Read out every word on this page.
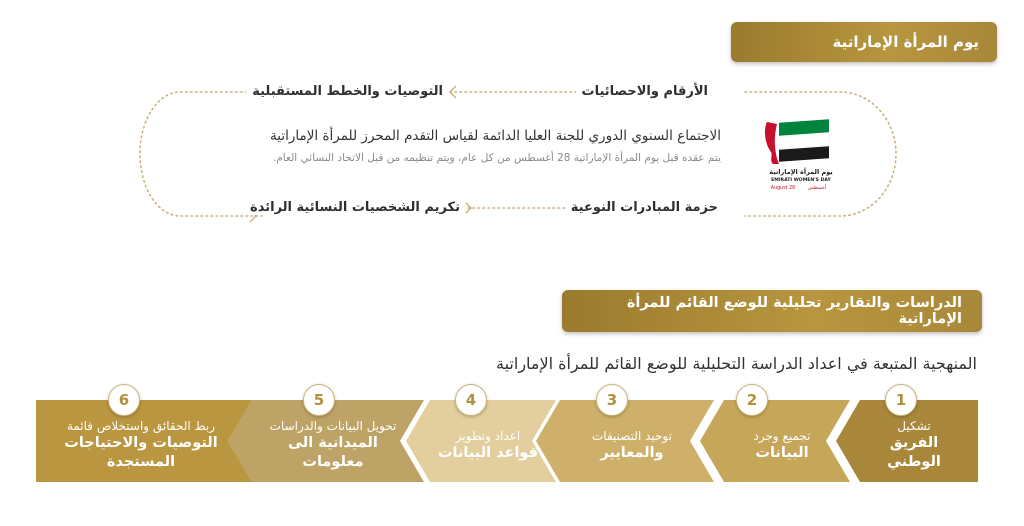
يوم المرأة الإماراتية
الأرقام والاحصائيات
التوصيات والخطط المستقبلية
حزمة المبادرات النوعية
تكريم الشخصيات النسائية الرائدة
الاجتماع السنوي الدوري للجنة العليا الدائمة لقياس التقدم المحرز للمرأة الإماراتية
يتم عقده قبل يوم المرأة الإماراتية 28 أغسطس من كل عام، ويتم تنظيمه من قبل الاتحاد النسائي العام.
يوم المرأة الإماراتية
EMIRATI WOMEN'S DAY
August 28	أغسطس
الدراسات والتقارير تحليلية للوضع القائم للمرأة الإماراتية
المنهجية المتبعة في اعداد الدراسة التحليلية للوضع القائم للمرأة الإماراتية
1
تشكيل
الفريق الوطني
2
تجميع وجرد
البيانات
3
توحيد التصنيفات
والمعايير
4
اعداد وتطوير
قواعد البيانات
5
تحويل البيانات والدراسات
الميدانية الى معلومات
6
ربط الحقائق واستخلاص قائمة
التوصيات والاحتياجات
المستجدة
